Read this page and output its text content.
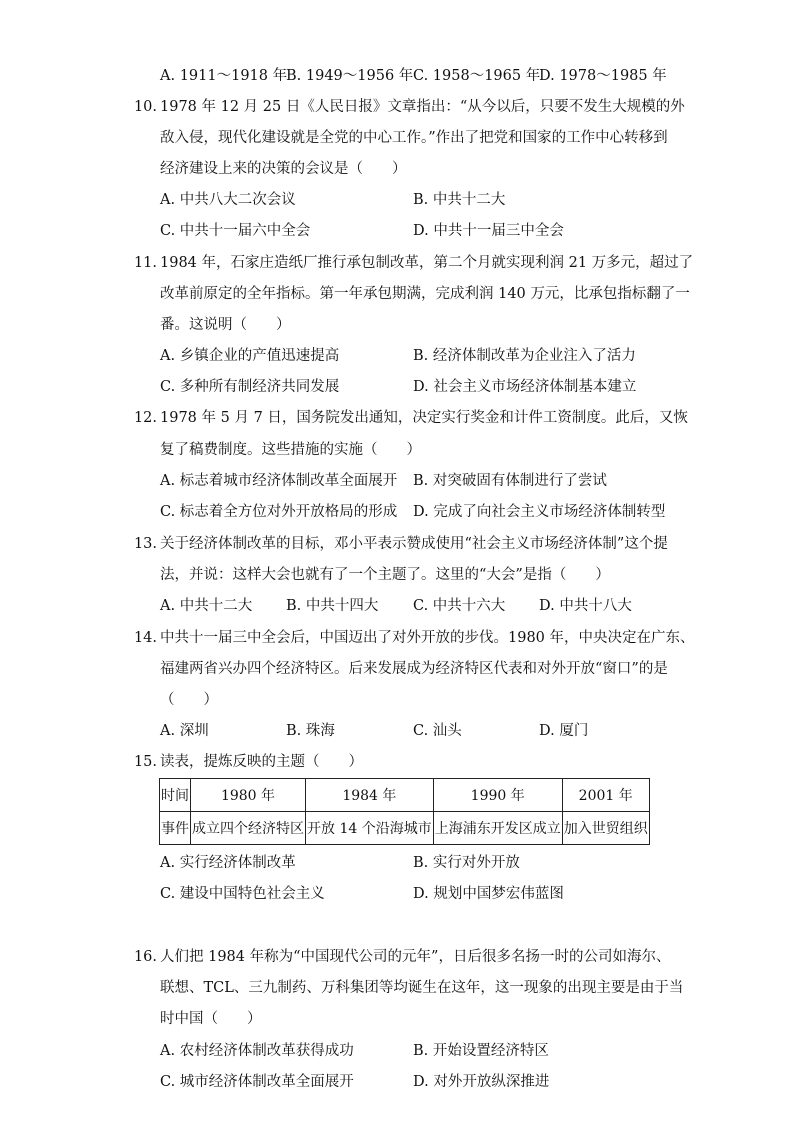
A. 1911～1918 年
B. 1949～1956 年 C. 1958～1965 年
D. 1978～1985 年
10. 1978 年 12 月 25 日《人民日报》文章指出：“从今以后，只要不发生大规模的外
敌入侵，现代化建设就是全党的中心工作。”作出了把党和国家的工作中心转移到
经济建设上来的决策的会议是（　　）
A. 中共八大二次会议	B. 中共十二大
C. 中共十一届六中全会	D. 中共十一届三中全会
11. 1984 年，石家庄造纸厂推行承包制改革，第二个月就实现利润 21 万多元，超过了
改革前原定的全年指标。第一年承包期满，完成利润 140 万元，比承包指标翻了一
番。这说明（　　）
A. 乡镇企业的产值迅速提高	B. 经济体制改革为企业注入了活力
C. 多种所有制经济共同发展	D. 社会主义市场经济体制基本建立
12. 1978 年 5 月 7 日，国务院发出通知，决定实行奖金和计件工资制度。此后，又恢
复了稿费制度。这些措施的实施（　　）
A. 标志着城市经济体制改革全面展开 B. 对突破固有体制进行了尝试
C. 标志着全方位对外开放格局的形成 D. 完成了向社会主义市场经济体制转型
13. 关于经济体制改革的目标，邓小平表示赞成使用“社会主义市场经济体制”这个提
法，并说：这样大会也就有了一个主题了。这里的“大会”是指（　　）
A. 中共十二大 B. 中共十四大 C. 中共十六大 D. 中共十八大
14. 中共十一届三中全会后，中国迈出了对外开放的步伐。1980 年，中央决定在广东、
福建两省兴办四个经济特区。后来发展成为经济特区代表和对外开放“窗口”的是
（　　）
A. 深圳	B. 珠海	C. 汕头	D. 厦门
15. 读表，提炼反映的主题（　　）
时间	1980 年	1984 年	1990 年	2001 年
事件	成立四个经济特区	开放 14 个沿海城市	上海浦东开发区成立	加入世贸组织
A. 实行经济体制改革	B. 实行对外开放
C. 建设中国特色社会主义	D. 规划中国梦宏伟蓝图
16. 人们把 1984 年称为“中国现代公司的元年”，日后很多名扬一时的公司如海尔、
联想、TCL、三九制药、万科集团等均诞生在这年，这一现象的出现主要是由于当
时中国（　　）
A. 农村经济体制改革获得成功	B. 开始设置经济特区
C. 城市经济体制改革全面展开	D. 对外开放纵深推进
